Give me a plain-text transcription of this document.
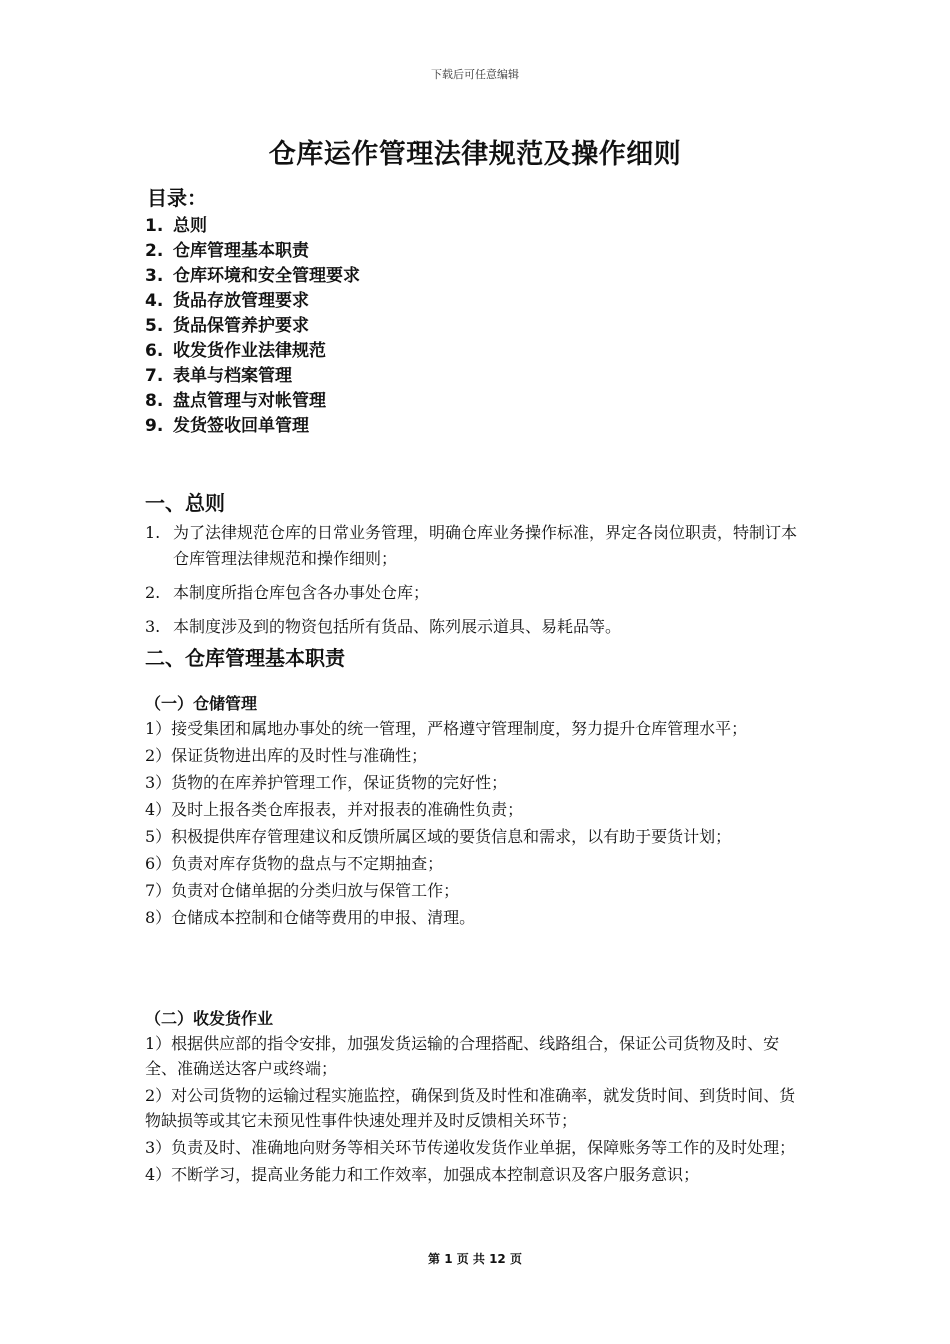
下载后可任意编辑
仓库运作管理法律规范及操作细则
目录：
1. 总则
2. 仓库管理基本职责
3. 仓库环境和安全管理要求
4. 货品存放管理要求
5. 货品保管养护要求
6. 收发货作业法律规范
7. 表单与档案管理
8. 盘点管理与对帐管理
9. 发货签收回单管理
一、总则

1. 为了法律规范仓库的日常业务管理，明确仓库业务操作标准，界定各岗位职责，特制订本仓库管理法律规范和操作细则；

2. 本制度所指仓库包含各办事处仓库；

3. 本制度涉及到的物资包括所有货品、陈列展示道具、易耗品等。

二、仓库管理基本职责
（一）仓储管理

1）接受集团和属地办事处的统一管理，严格遵守管理制度，努力提升仓库管理水平；

2）保证货物进出库的及时性与准确性；

3）货物的在库养护管理工作，保证货物的完好性；

4）及时上报各类仓库报表，并对报表的准确性负责；

5）积极提供库存管理建议和反馈所属区域的要货信息和需求，以有助于要货计划；

6）负责对库存货物的盘点与不定期抽查；

7）负责对仓储单据的分类归放与保管工作；

8）仓储成本控制和仓储等费用的申报、清理。

（二）收发货作业

1）根据供应部的指令安排，加强发货运输的合理搭配、线路组合，保证公司货物及时、安全、准确送达客户或终端；

2）对公司货物的运输过程实施监控，确保到货及时性和准确率，就发货时间、到货时间、货物缺损等或其它未预见性事件快速处理并及时反馈相关环节；

3）负责及时、准确地向财务等相关环节传递收发货作业单据，保障账务等工作的及时处理；

4）不断学习，提高业务能力和工作效率，加强成本控制意识及客户服务意识；

第 1 页 共 12 页
